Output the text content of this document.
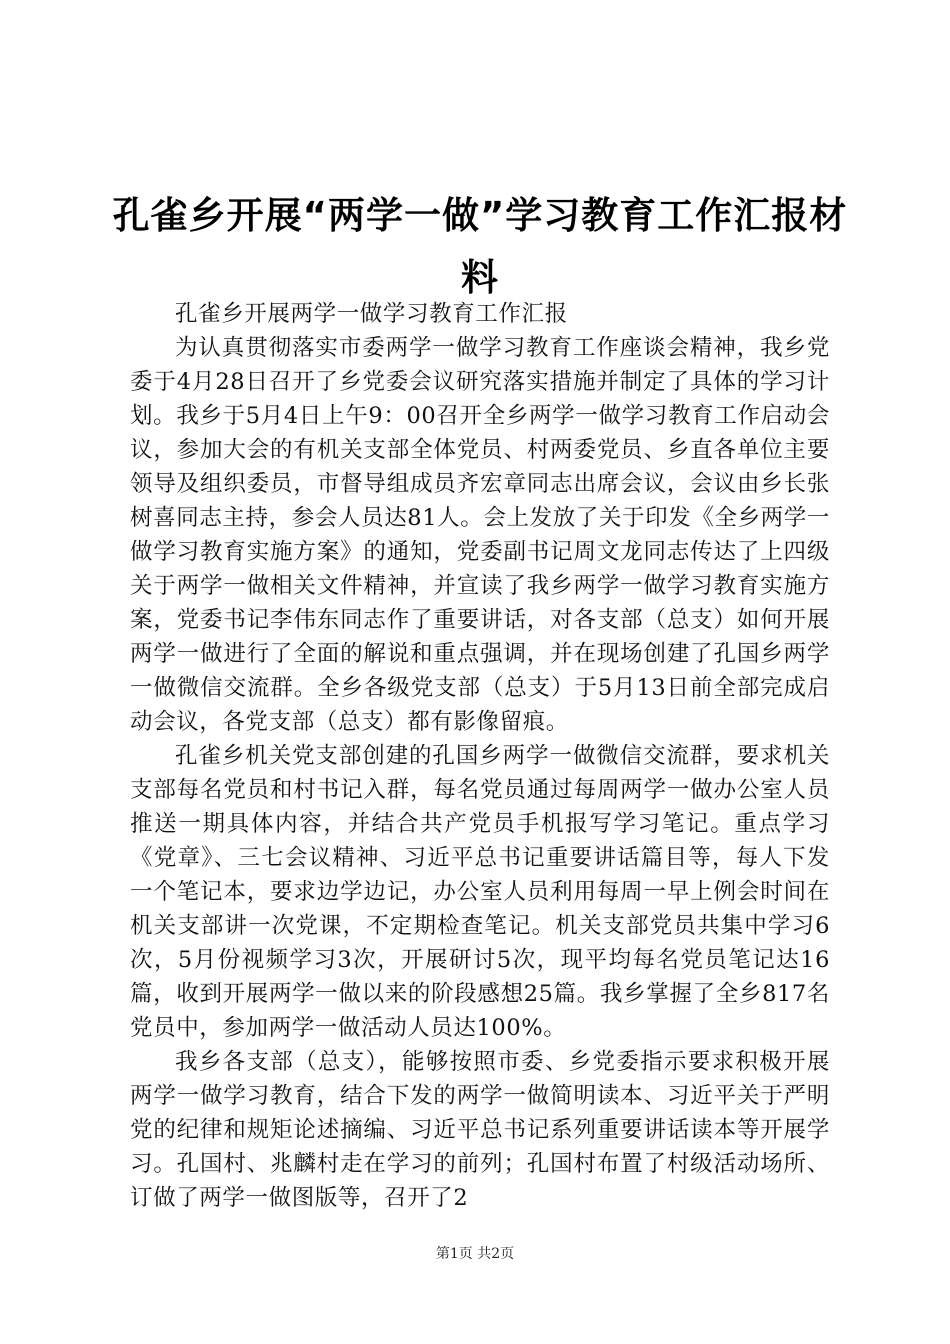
孔雀乡开展“两学一做”学习教育工作汇报材料

孔雀乡开展两学一做学习教育工作汇报

为认真贯彻落实市委两学一做学习教育工作座谈会精神，我乡党委于4月28日召开了乡党委会议研究落实措施并制定了具体的学习计划。我乡于5月4日上午9：00召开全乡两学一做学习教育工作启动会议，参加大会的有机关支部全体党员、村两委党员、乡直各单位主要领导及组织委员，市督导组成员齐宏章同志出席会议，会议由乡长张树喜同志主持，参会人员达81人。会上发放了关于印发《全乡两学一做学习教育实施方案》的通知，党委副书记周文龙同志传达了上四级关于两学一做相关文件精神，并宣读了我乡两学一做学习教育实施方案，党委书记李伟东同志作了重要讲话，对各支部（总支）如何开展两学一做进行了全面的解说和重点强调，并在现场创建了孔国乡两学一做微信交流群。全乡各级党支部（总支）于5月13日前全部完成启动会议，各党支部（总支）都有影像留痕。

孔雀乡机关党支部创建的孔国乡两学一做微信交流群，要求机关支部每名党员和村书记入群，每名党员通过每周两学一做办公室人员推送一期具体内容，并结合共产党员手机报写学习笔记。重点学习《党章》、三七会议精神、习近平总书记重要讲话篇目等，每人下发一个笔记本，要求边学边记，办公室人员利用每周一早上例会时间在机关支部讲一次党课，不定期检查笔记。机关支部党员共集中学习6次，5月份视频学习3次，开展研讨5次，现平均每名党员笔记达16篇，收到开展两学一做以来的阶段感想25篇。我乡掌握了全乡817名党员中，参加两学一做活动人员达100%。

我乡各支部（总支），能够按照市委、乡党委指示要求积极开展两学一做学习教育，结合下发的两学一做简明读本、习近平关于严明党的纪律和规矩论述摘编、习近平总书记系列重要讲话读本等开展学习。孔国村、兆麟村走在学习的前列；孔国村布置了村级活动场所、订做了两学一做图版等，召开了2

第1页 共2页
